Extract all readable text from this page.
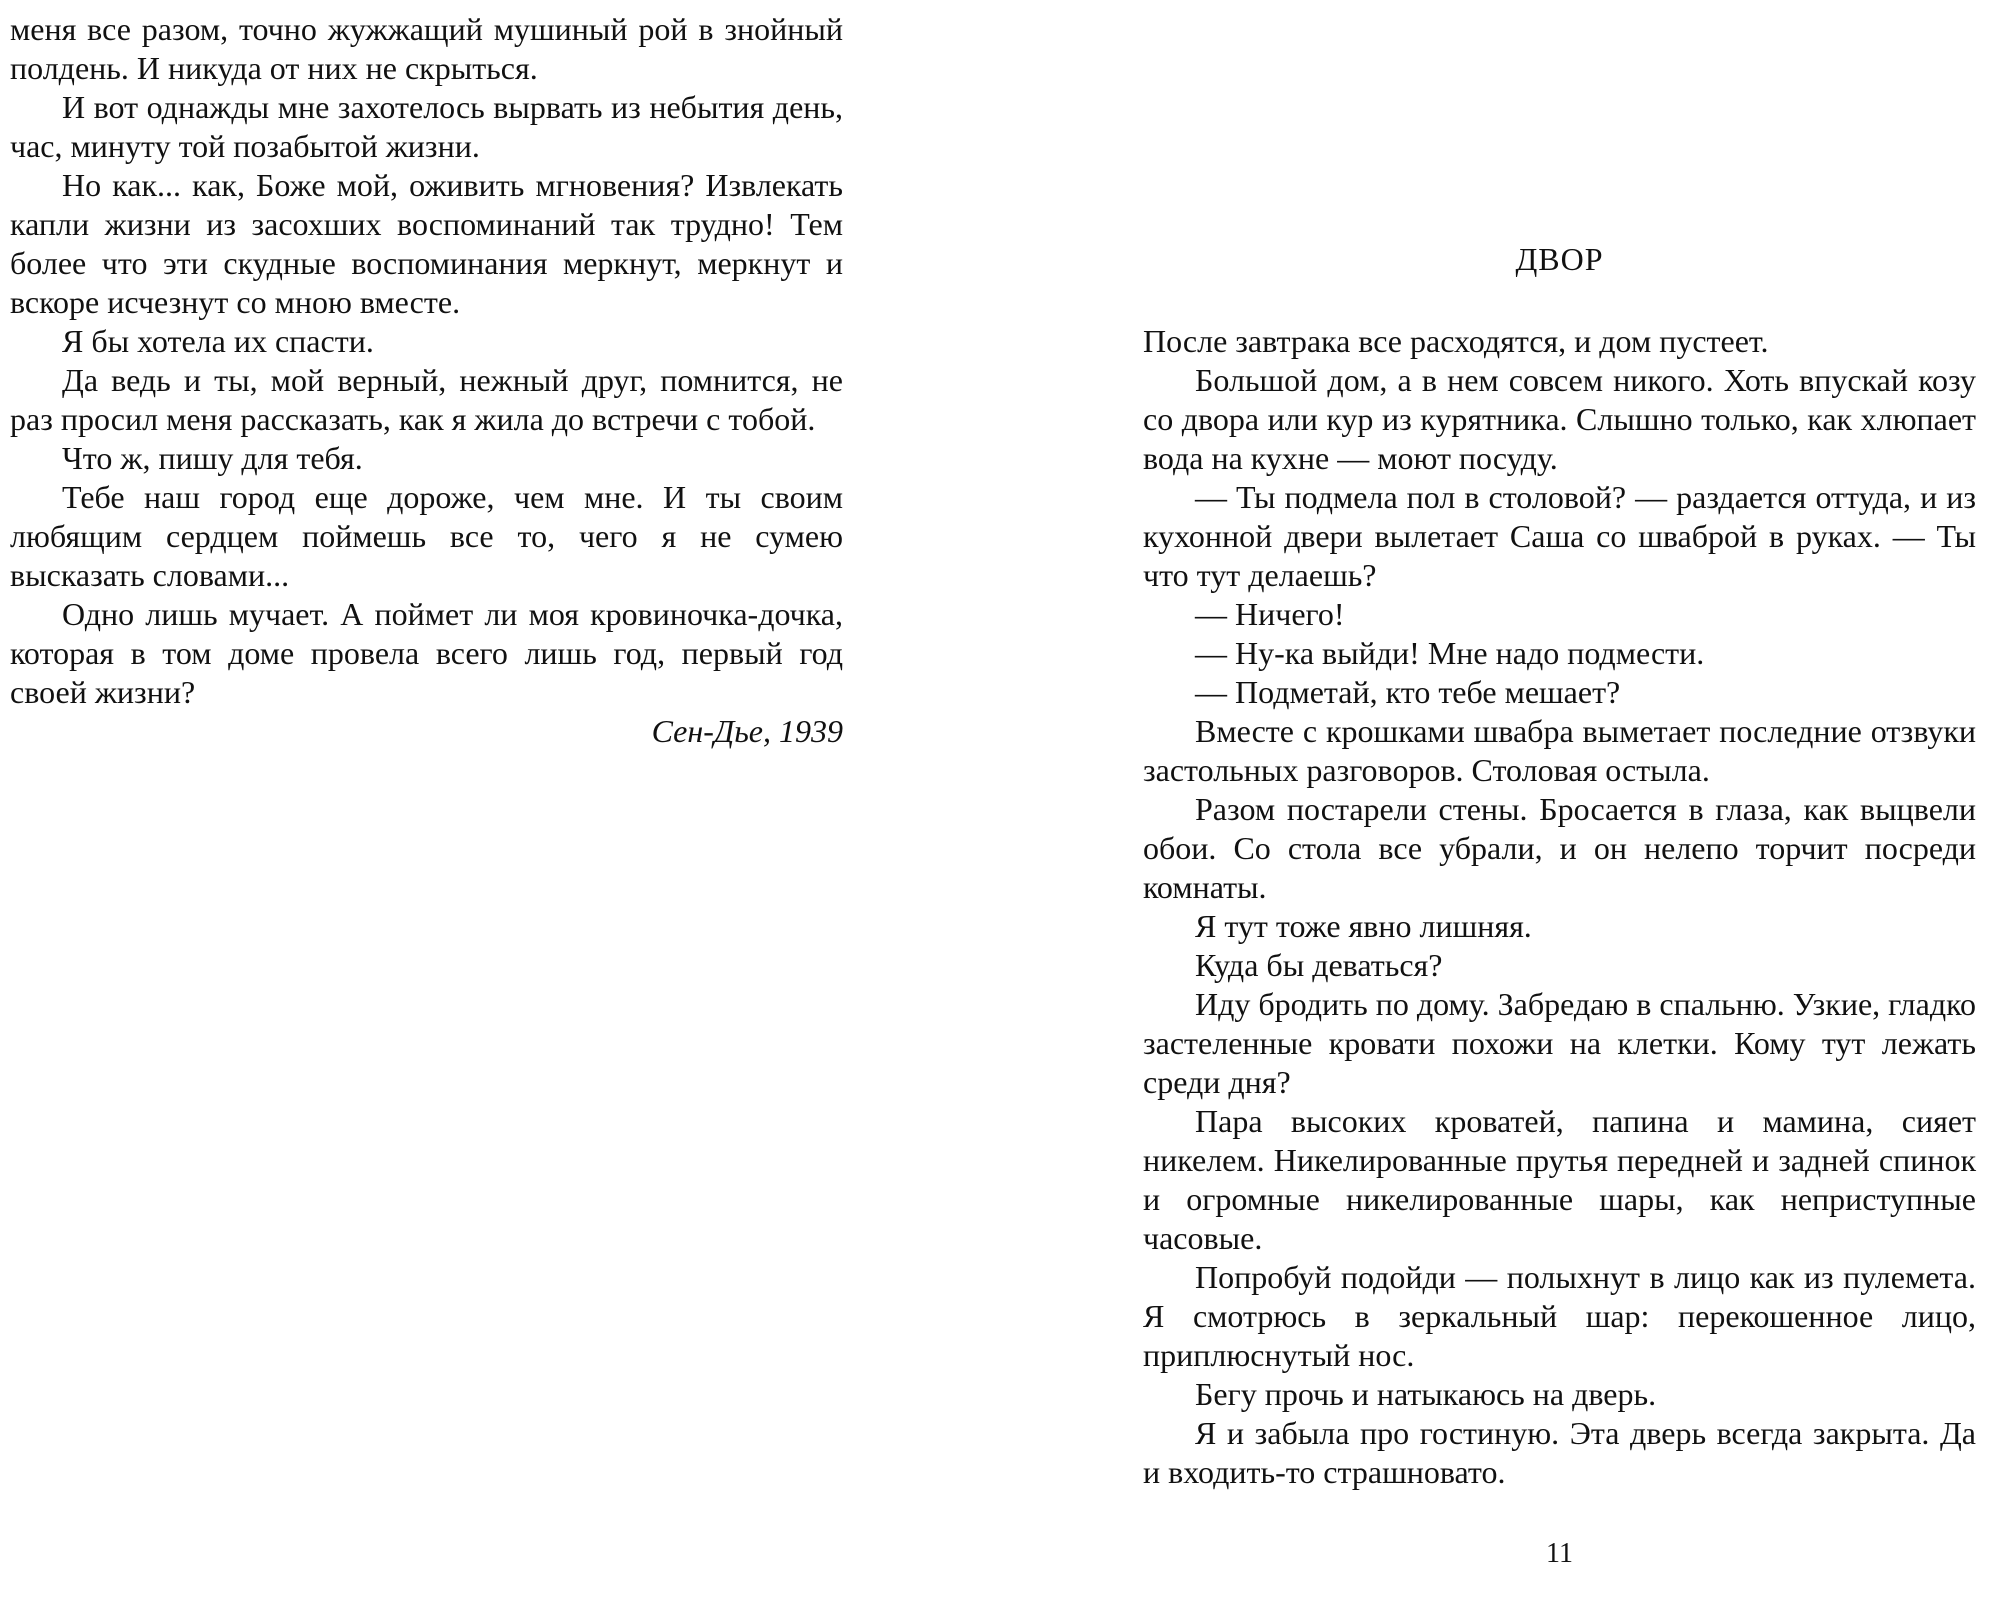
меня все разом, точно жужжащий мушиный рой в знойный полдень. И никуда от них не скрыться.

И вот однажды мне захотелось вырвать из небытия день, час, минуту той позабытой жизни.

Но как... как, Боже мой, оживить мгновения? Извлекать капли жизни из засохших воспоминаний так трудно! Тем более что эти скудные воспоминания меркнут, меркнут и вскоре исчезнут со мною вместе.

Я бы хотела их спасти.

Да ведь и ты, мой верный, нежный друг, помнится, не раз просил меня рассказать, как я жила до встречи с тобой.

Что ж, пишу для тебя.

Тебе наш город еще дороже, чем мне. И ты своим любящим сердцем поймешь все то, чего я не сумею высказать словами...

Одно лишь мучает. А поймет ли моя кровиночка-дочка, которая в том доме провела всего лишь год, первый год своей жизни?

Сен-Дье, 1939

ДВОР

После завтрака все расходятся, и дом пустеет.

Большой дом, а в нем совсем никого. Хоть впускай козу со двора или кур из курятника. Слышно только, как хлюпает вода на кухне — моют посуду.

— Ты подмела пол в столовой? — раздается оттуда, и из кухонной двери вылетает Саша со шваброй в руках. — Ты что тут делаешь?

— Ничего!

— Ну-ка выйди! Мне надо подмести.

— Подметай, кто тебе мешает?

Вместе с крошками швабра выметает последние отзвуки застольных разговоров. Столовая остыла.

Разом постарели стены. Бросается в глаза, как выцвели обои. Со стола все убрали, и он нелепо торчит посреди комнаты.

Я тут тоже явно лишняя.

Куда бы деваться?

Иду бродить по дому. Забредаю в спальню. Узкие, гладко застеленные кровати похожи на клетки. Кому тут лежать среди дня?

Пара высоких кроватей, папина и мамина, сияет никелем. Никелированные прутья передней и задней спинок и огромные никелированные шары, как неприступные часовые.

Попробуй подойди — полыхнут в лицо как из пулемета. Я смотрюсь в зеркальный шар: перекошенное лицо, приплюснутый нос.

Бегу прочь и натыкаюсь на дверь.

Я и забыла про гостиную. Эта дверь всегда закрыта. Да и входить-то страшновато.

11
